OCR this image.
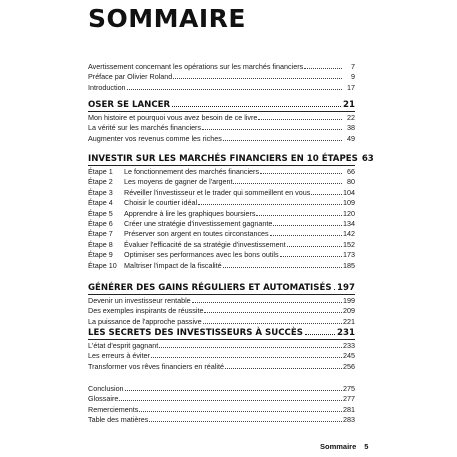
SOMMAIRE
Avertissement concernant les opérations sur les marchés financiers	7
Préface par Olivier Roland	9
Introduction	17
OSER SE LANCER	21
Mon histoire et pourquoi vous avez besoin de ce livre	22
La vérité sur les marchés financiers	38
Augmenter vos revenus comme les riches	49
INVESTIR SUR LES MARCHÉS FINANCIERS EN 10 ÉTAPES 63
Étape 1	Le fonctionnement des marchés financiers	66
Étape 2	Les moyens de gagner de l'argent	80
Étape 3	Réveiller l'investisseur et le trader qui sommeillent en vous	104
Étape 4	Choisir le courtier idéal	109
Étape 5	Apprendre à lire les graphiques boursiers	120
Étape 6	Créer une stratégie d'investissement gagnante	134
Étape 7	Préserver son argent en toutes circonstances	142
Étape 8	Évaluer l'efficacité de sa stratégie d'investissement	152
Étape 9	Optimiser ses performances avec les bons outils	173
Étape 10	Maîtriser l'impact de la fiscalité	185
GÉNÉRER DES GAINS RÉGULIERS ET AUTOMATISÉS 197
Devenir un investisseur rentable	199
Des exemples inspirants de réussite	209
La puissance de l'approche passive	221
LES SECRETS DES INVESTISSEURS À SUCCÈS	231
L'état d'esprit gagnant	233
Les erreurs à éviter	245
Transformer vos rêves financiers en réalité	256
Conclusion	275
Glossaire	277
Remerciements	281
Table des matières	283
Sommaire 5
